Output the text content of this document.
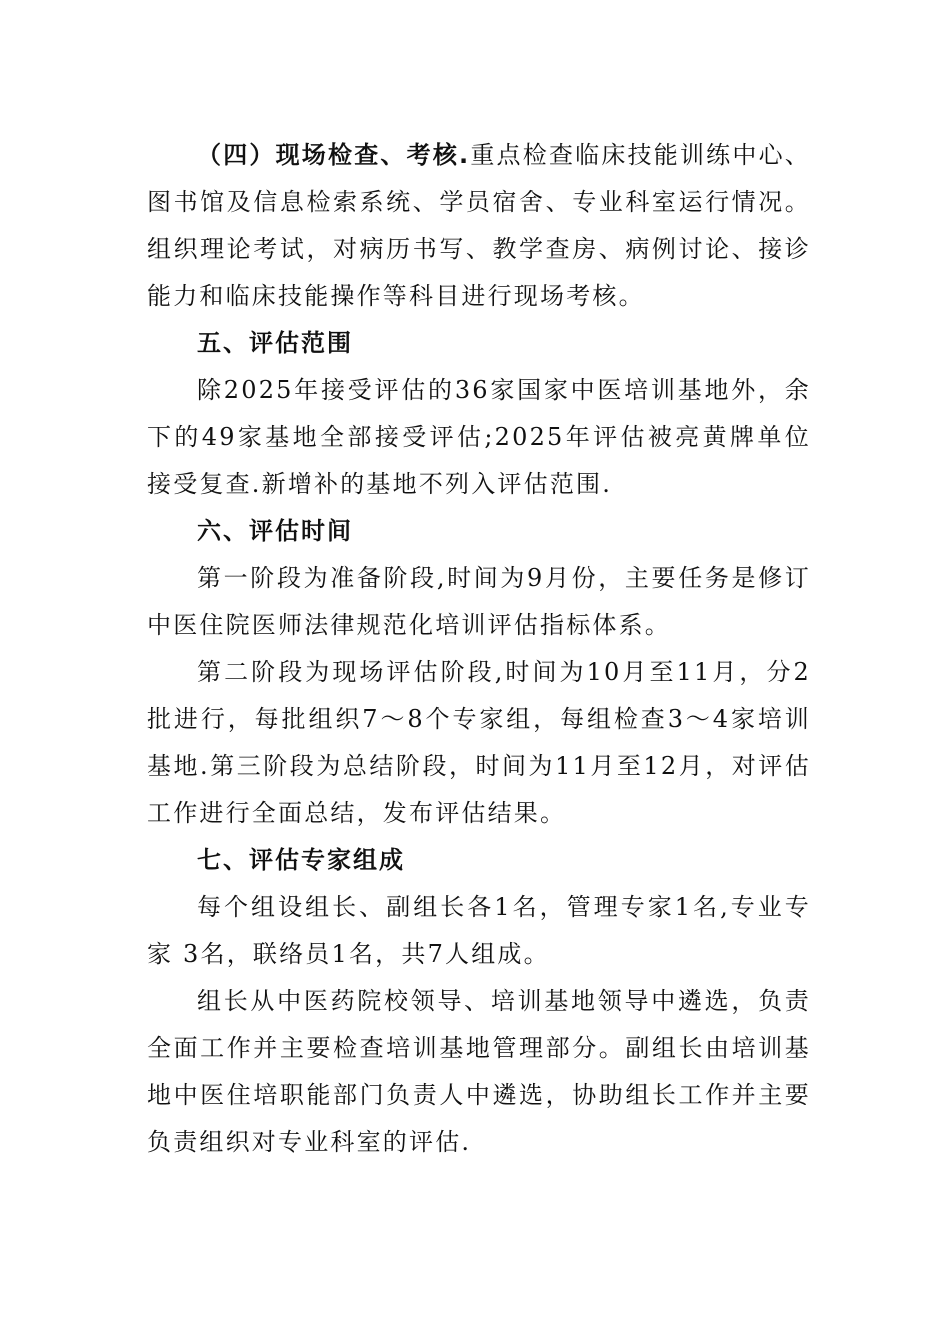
（四）现场检查、考核.重点检查临床技能训练中心、图书馆及信息检索系统、学员宿舍、专业科室运行情况。组织理论考试，对病历书写、教学查房、病例讨论、接诊能力和临床技能操作等科目进行现场考核。

五、评估范围

除2025年接受评估的36家国家中医培训基地外，余下的49家基地全部接受评估;2025年评估被亮黄牌单位接受复查.新增补的基地不列入评估范围.

六、评估时间

第一阶段为准备阶段,时间为9月份，主要任务是修订中医住院医师法律规范化培训评估指标体系。

第二阶段为现场评估阶段,时间为10月至11月，分2批进行，每批组织7～8个专家组，每组检查3～4家培训基地.第三阶段为总结阶段，时间为11月至12月，对评估工作进行全面总结，发布评估结果。

七、评估专家组成

每个组设组长、副组长各1名，管理专家1名,专业专家 3名，联络员1名，共7人组成。

组长从中医药院校领导、培训基地领导中遴选，负责全面工作并主要检查培训基地管理部分。副组长由培训基地中医住培职能部门负责人中遴选，协助组长工作并主要负责组织对专业科室的评估.
